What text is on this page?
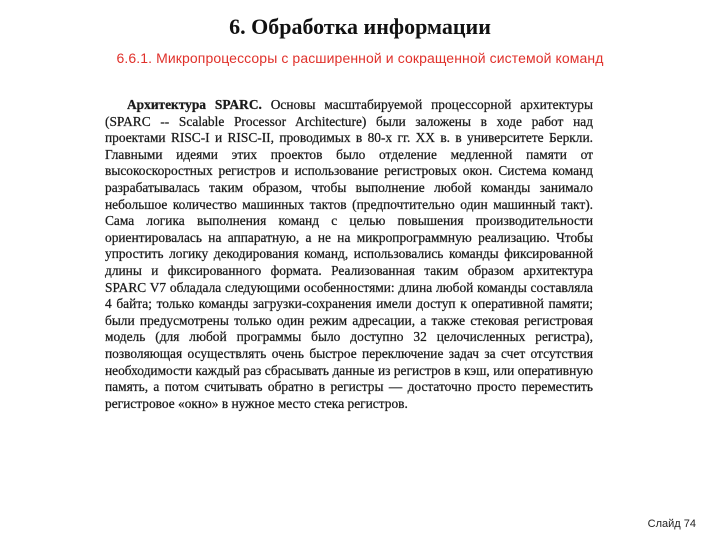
6. Обработка информации

6.6.1. Микропроцессоры с расширенной и сокращенной системой команд

Архитектура SPARC. Основы масштабируемой процессорной архитектуры (SPARC -- Scalable Processor Architecture) были заложены в ходе работ над проектами RISC-I и RISC-II, проводимых в 80-х гг. XX в. в университете Беркли. Главными идеями этих проектов было отделение медленной памяти от высокоскоростных регистров и использование регистровых окон. Система команд разрабатывалась таким образом, чтобы выполнение любой команды занимало небольшое количество машинных тактов (предпочтительно один машинный такт). Сама логика выполнения команд с целью повышения производительности ориентировалась на аппаратную, а не на микропрограммную реализацию. Чтобы упростить логику декодирования команд, использовались команды фиксированной длины и фиксированного формата. Реализованная таким образом архитектура SPARC V7 обладала следующими особенностями: длина любой команды составляла 4 байта; только команды загрузки-сохранения имели доступ к оперативной памяти; были предусмотрены только один режим адресации, а также стековая регистровая модель (для любой программы было доступно 32 целочисленных регистра), позволяющая осуществлять очень быстрое переключение задач за счет отсутствия необходимости каждый раз сбрасывать данные из регистров в кэш, или оперативную память, а потом считывать обратно в регистры — достаточно просто переместить регистровое «окно» в нужное место стека регистров.

Слайд 74
